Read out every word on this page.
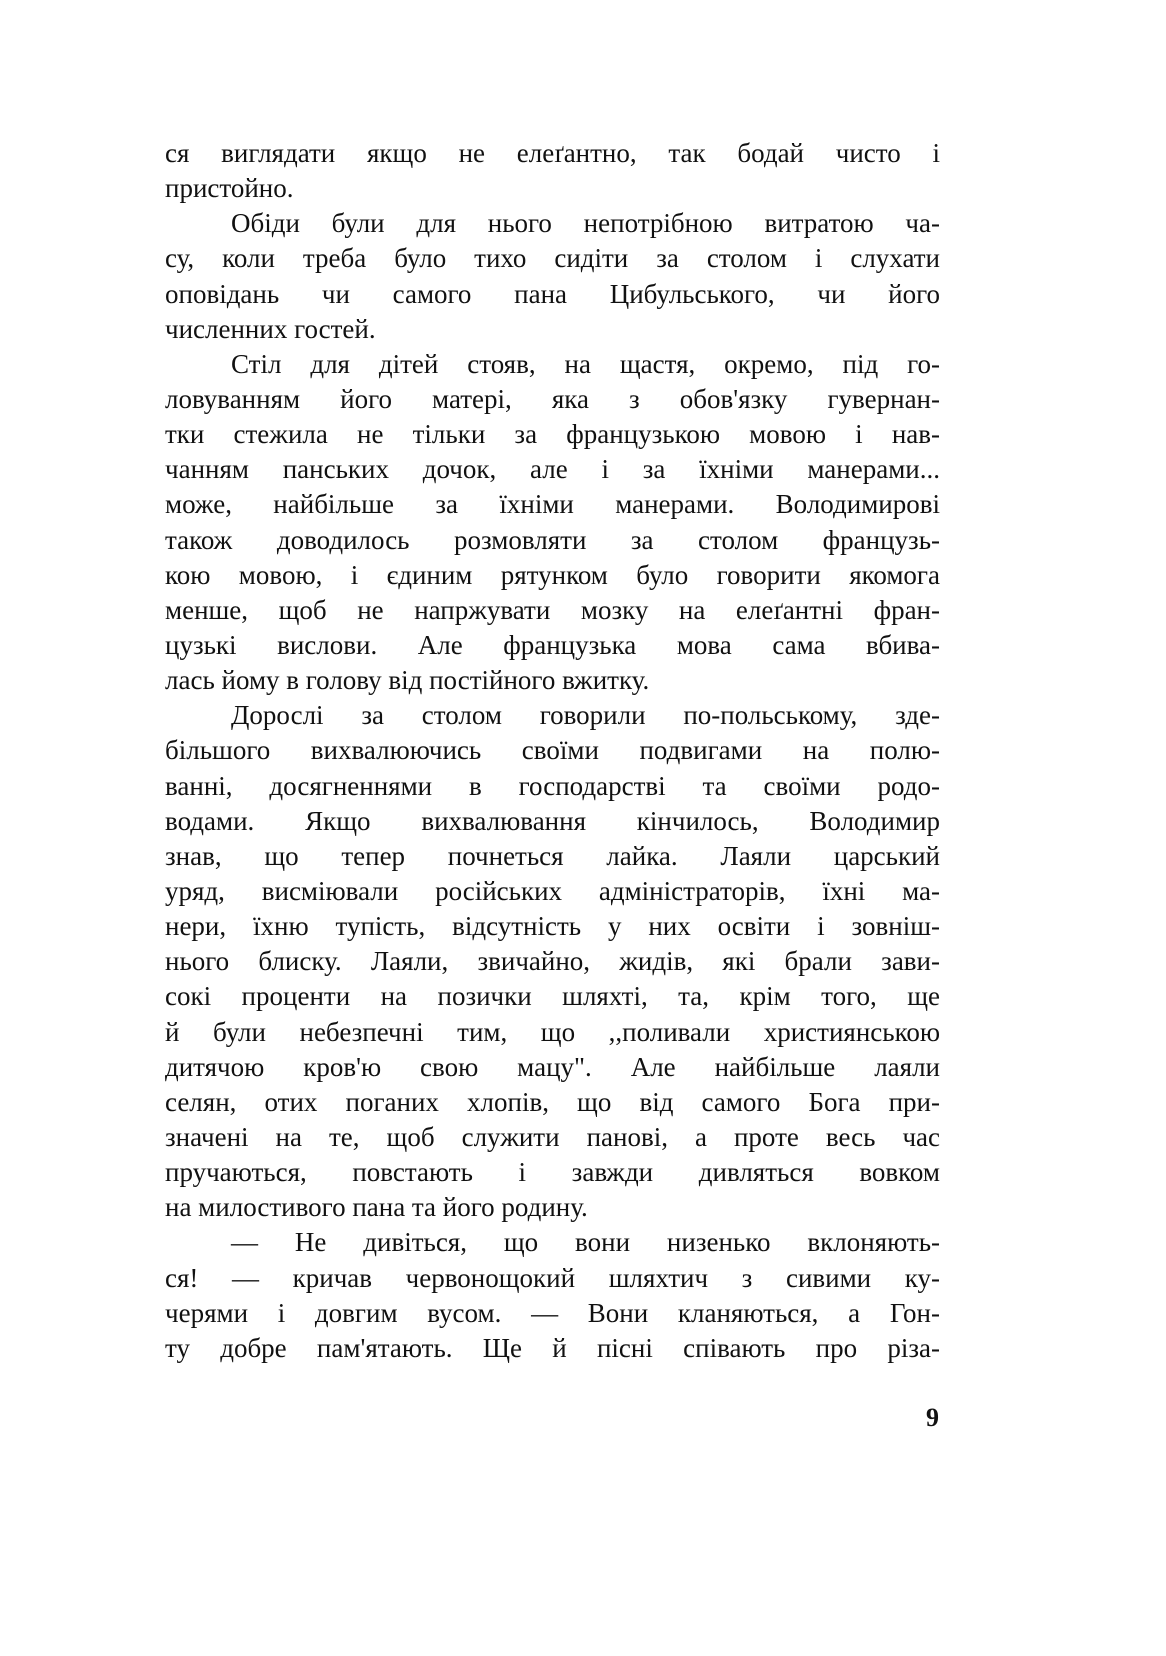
ся виглядати якщо не елеґантно, так бодай чисто і
пристойно.
Обіди були для нього непотрібною витратою ча-
су, коли треба було тихо сидіти за столом і слухати
оповідань чи самого пана Цибульського, чи його
численних гостей.
Стіл для дітей стояв, на щастя, окремо, під го-
ловуванням його матері, яка з обов'язку гувернан-
тки стежила не тільки за французькою мовою і нав-
чанням панських дочок, але і за їхніми манерами...
може, найбільше за їхніми манерами. Володимирові
також доводилось розмовляти за столом французь-
кою мовою, і єдиним рятунком було говорити якомога
менше, щоб не напржувати мозку на елеґантні фран-
цузькі вислови. Але французька мова сама вбива-
лась йому в голову від постійного вжитку.
Дорослі за столом говорили по-польському, зде-
більшого вихвалюючись своїми подвигами на полю-
ванні, досягненнями в господарстві та своїми родо-
водами. Якщо вихвалювання кінчилось, Володимир
знав, що тепер почнеться лайка. Лаяли царський
уряд, висміювали російських адміністраторів, їхні ма-
нери, їхню тупість, відсутність у них освіти і зовніш-
нього блиску. Лаяли, звичайно, жидів, які брали зави-
сокі проценти на позички шляхті, та, крім того, ще
й були небезпечні тим, що ,,поливали християнською
дитячою кров'ю свою мацу". Але найбільше лаяли
селян, отих поганих хлопів, що від самого Бога при-
значені на те, щоб служити панові, а проте весь час
пручаються, повстають і завжди дивляться вовком
на милостивого пана та його родину.
— Не дивіться, що вони низенько вклоняють-
ся! — кричав червонощокий шляхтич з сивими ку-
черями і довгим вусом. — Вони кланяються, а Гон-
ту добре пам'ятають. Ще й пісні співають про різа-
9
